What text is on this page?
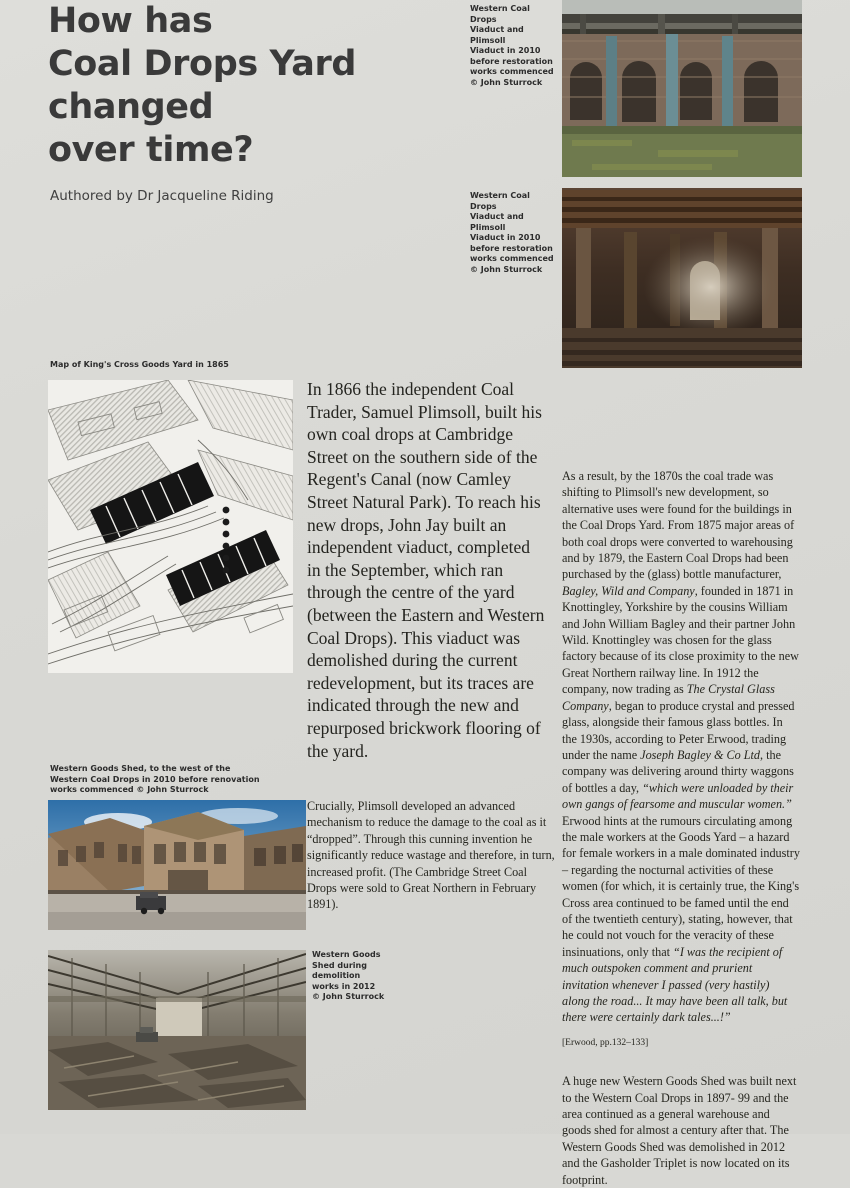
How has
Coal Drops Yard
changed
over time?
Authored by Dr Jacqueline Riding
Western Coal Drops
Viaduct and Plimsoll
Viaduct in 2010
before restoration
works commenced
© John Sturrock
Western Coal Drops
Viaduct and Plimsoll
Viaduct in 2010
before restoration
works commenced
© John Sturrock
Map of King's Cross Goods Yard in 1865
In 1866 the independent Coal Trader, Samuel Plimsoll, built his own coal drops at Cambridge Street on the southern side of the Regent's Canal (now Camley Street Natural Park). To reach his new drops, John Jay built an independent viaduct, completed in the September, which ran through the centre of the yard (between the Eastern and Western Coal Drops). This viaduct was demolished during the current redevelopment, but its traces are indicated through the new and repurposed brickwork flooring of the yard.
Crucially, Plimsoll developed an advanced mechanism to reduce the damage to the coal as it “dropped”. Through this cunning invention he significantly reduce wastage and therefore, in turn, increased profit. (The Cambridge Street Coal Drops were sold to Great Northern in February 1891).

As a result, by the 1870s the coal trade was shifting to Plimsoll's new development, so alternative uses were found for the buildings in the Coal Drops Yard. From 1875 major areas of both coal drops were converted to warehousing and by 1879, the Eastern Coal Drops had been purchased by the (glass) bottle manufacturer, Bagley, Wild and Company, founded in 1871 in Knottingley, Yorkshire by the cousins William and John William Bagley and their partner John Wild. Knottingley was chosen for the glass factory because of its close proximity to the new Great Northern railway line. In 1912 the company, now trading as The Crystal Glass Company, began to produce crystal and pressed glass, alongside their famous glass bottles. In the 1930s, according to Peter Erwood, trading under the name Joseph Bagley & Co Ltd, the company was delivering around thirty waggons of bottles a day, “which were unloaded by their own gangs of fearsome and muscular women.” Erwood hints at the rumours circulating among the male workers at the Goods Yard – a hazard for female workers in a male dominated industry – regarding the nocturnal activities of these women (for which, it is certainly true, the King's Cross area continued to be famed until the end of the twentieth century), stating, however, that he could not vouch for the veracity of these insinuations, only that “I was the recipient of much outspoken comment and prurient invitation whenever I passed (very hastily) along the road... It may have been all talk, but there were certainly dark tales...!”

[Erwood, pp.132–133]
A huge new Western Goods Shed was built next to the Western Coal Drops in 1897- 99 and the area continued as a general warehouse and goods shed for almost a century after that. The Western Goods Shed was demolished in 2012 and the Gasholder Triplet is now located on its footprint.
Western Goods Shed, to the west of the
Western Coal Drops in 2010 before renovation
works commenced © John Sturrock
Western Goods
Shed during
demolition
works in 2012
© John Sturrock
